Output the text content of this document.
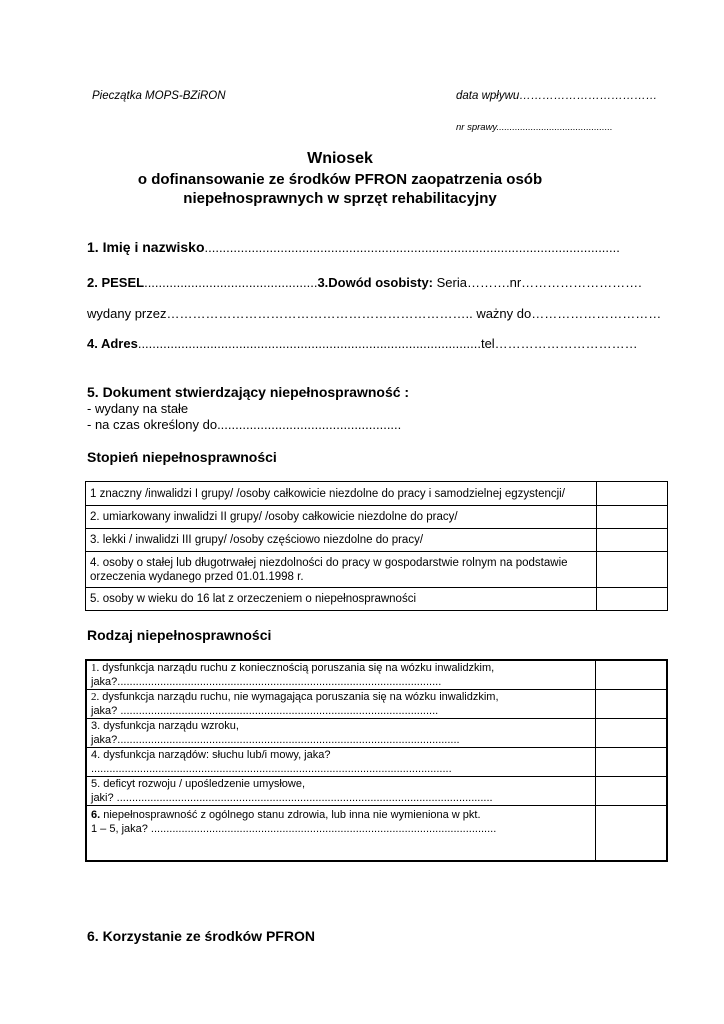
Pieczątka MOPS-BZiRON	data wpływu………………………………
nr sprawy............................................
Wniosek
o dofinansowanie ze środków PFRON zaopatrzenia osób
niepełnosprawnych w sprzęt rehabilitacyjny
1. Imię i nazwisko...................................................................................................................
2. PESEL................................................3.Dowód osobisty: Seria……….nr……………………….
wydany przez…………………………………………………………….. ważny do…………………………
4. Adres...............................................................................................tel……………………………
5. Dokument stwierdzający niepełnosprawność :
- wydany na stałe
- na czas określony do...................................................
Stopień niepełnosprawności
1 znaczny /inwalidzi I grupy/ /osoby całkowicie niezdolne do pracy i samodzielnej egzystencji/	
2. umiarkowany inwalidzi II grupy/ /osoby całkowicie niezdolne do pracy/	
3. lekki / inwalidzi III grupy/ /osoby częściowo niezdolne do pracy/	
4. osoby o stałej lub długotrwałej niezdolności do pracy w gospodarstwie rolnym na podstawie orzeczenia wydanego przed 01.01.1998 r.	
5. osoby w wieku do 16 lat z orzeczeniem o niepełnosprawności	
Rodzaj niepełnosprawności
1. dysfunkcja narządu ruchu z koniecznością poruszania się na wózku inwalidzkim,
jaka?..........................................................................................................	

2. dysfunkcja narządu ruchu, nie wymagająca poruszania się na wózku inwalidzkim,
jaka? ........................................................................................................	

3. dysfunkcja narządu wzroku,
jaka?................................................................................................................	

4. dysfunkcja narządów: słuchu lub/i mowy, jaka?
......................................................................................................................	

5. deficyt rozwoju / upośledzenie umysłowe,
jaki? ...........................................................................................................................	

6. niepełnosprawność z ogólnego stanu zdrowia, lub inna nie wymieniona w pkt.
1 – 5, jaka? .................................................................................................................	

6. Korzystanie ze środków PFRON
